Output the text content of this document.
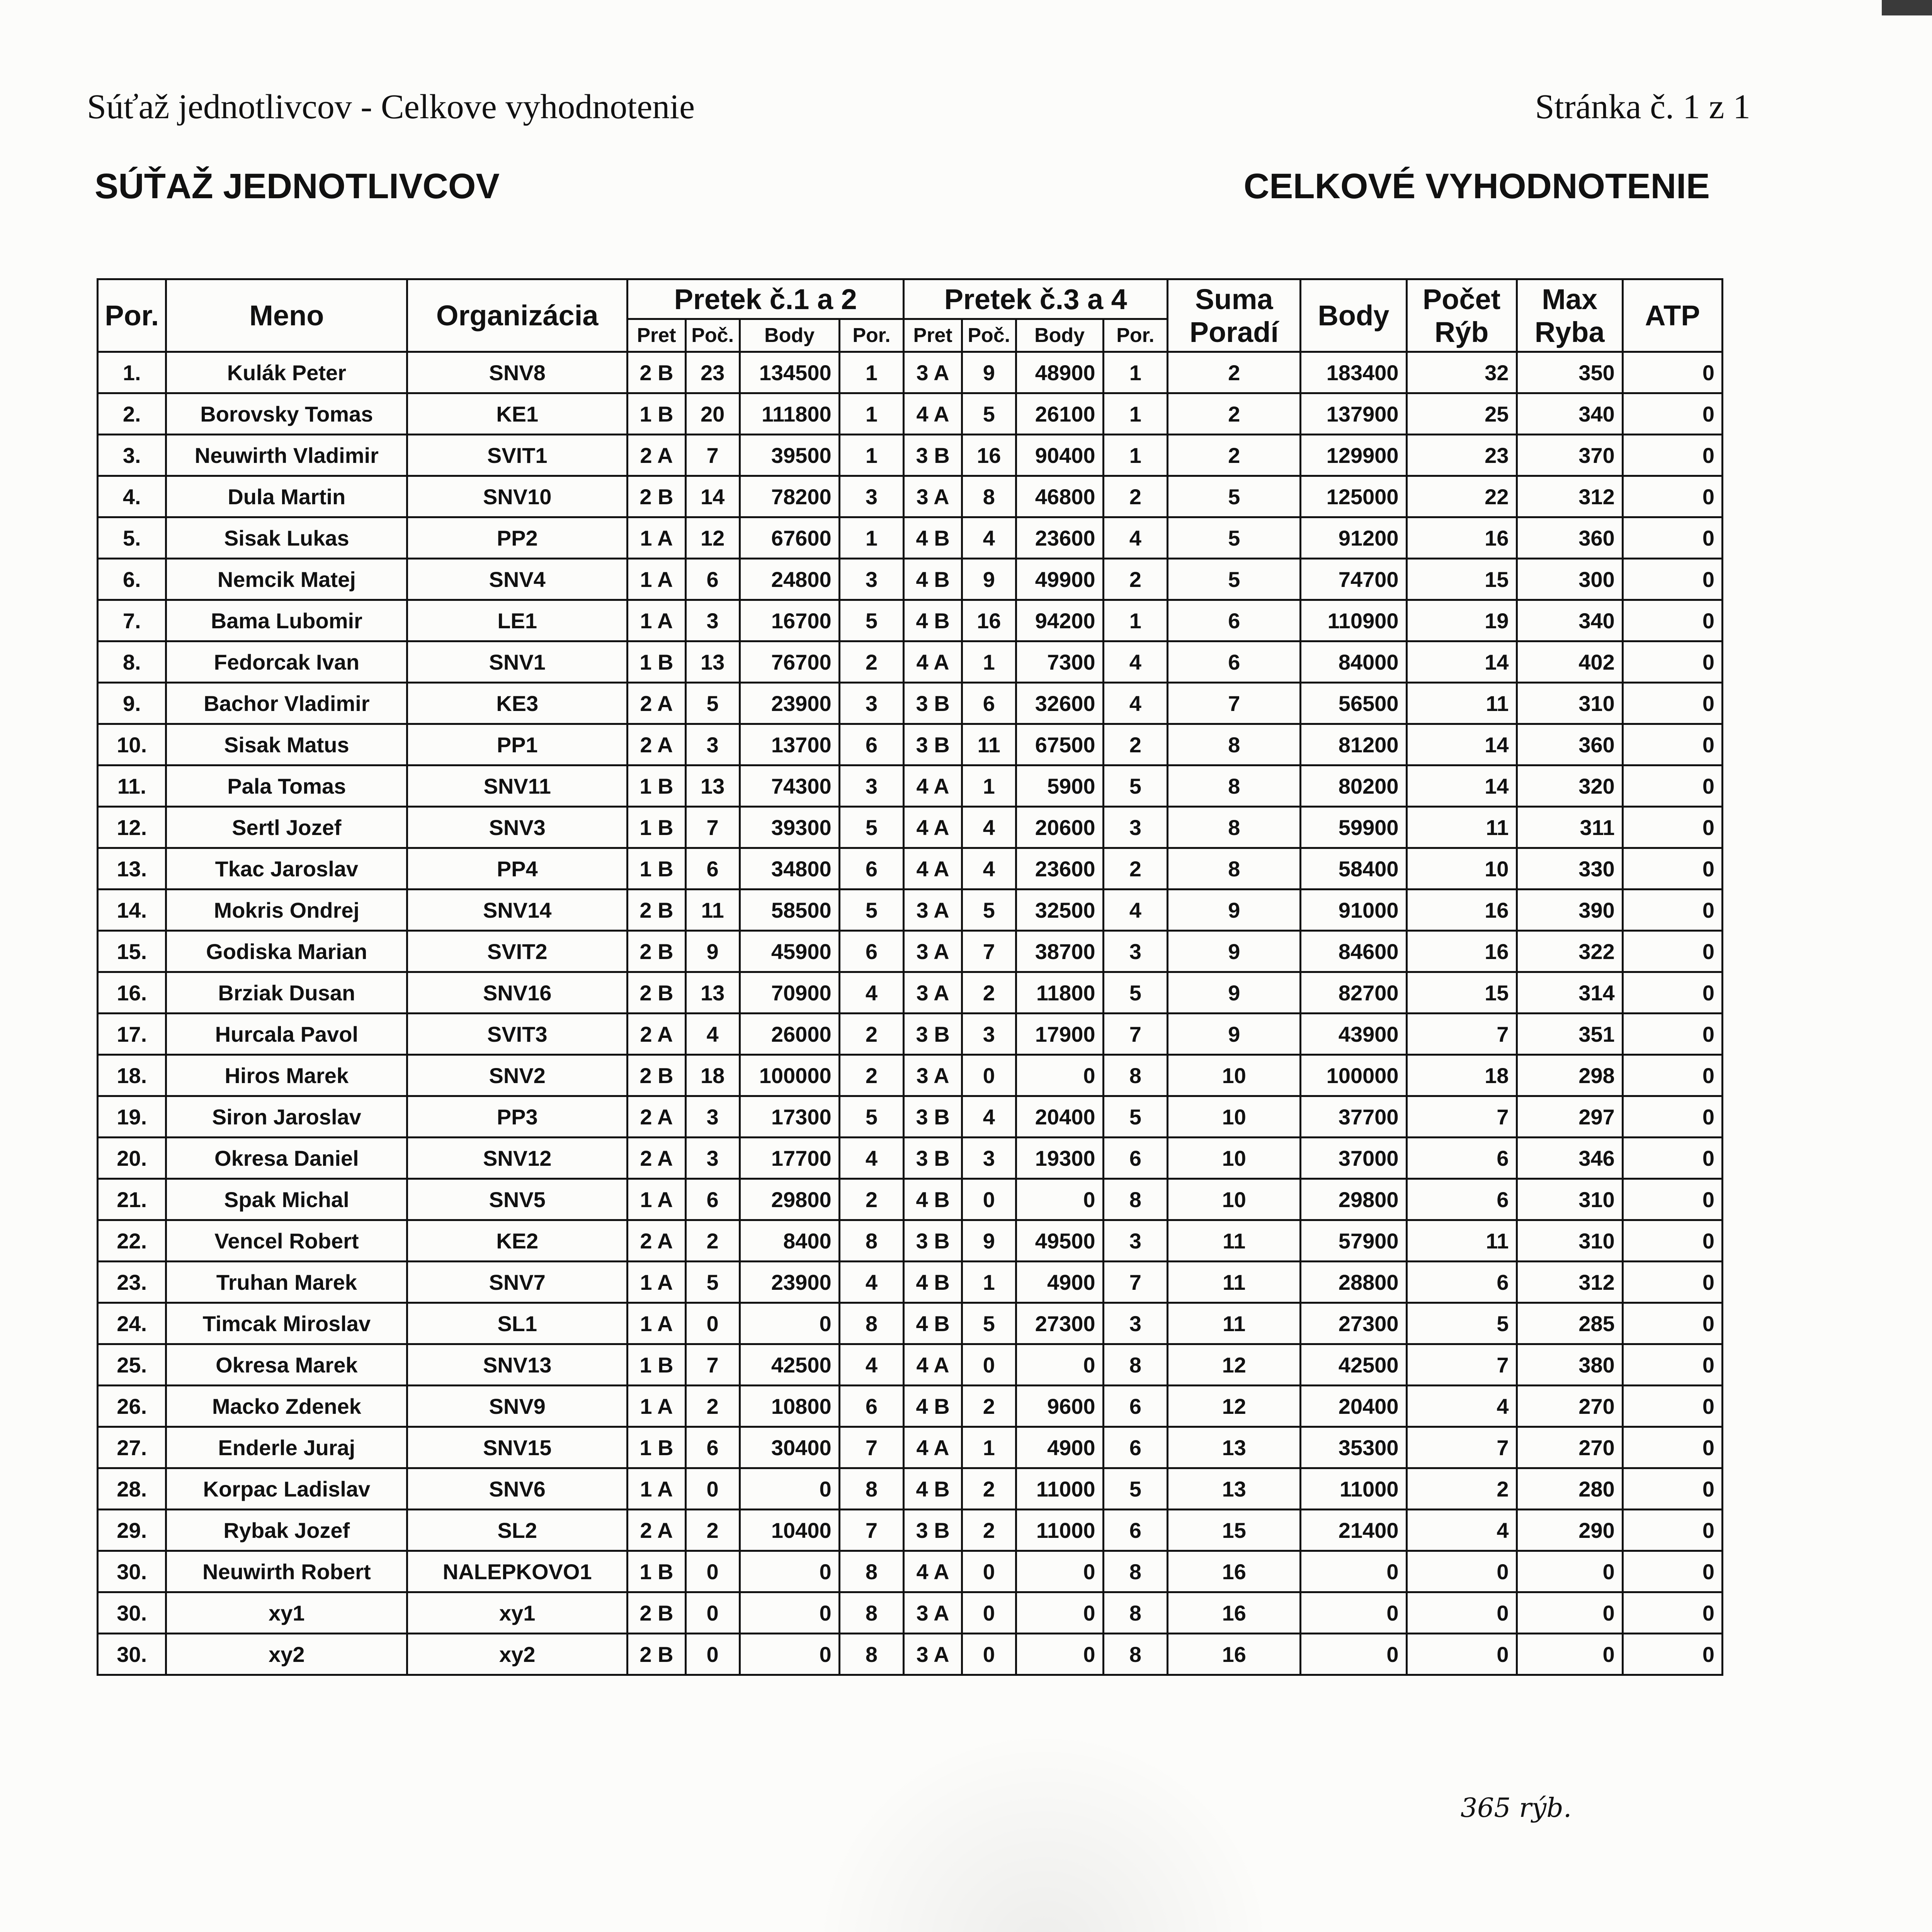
Súťaž jednotlivcov - Celkove vyhodnotenie	Stránka č. 1 z 1
SÚŤAŽ JEDNOTLIVCOV	CELKOVÉ VYHODNOTENIE
Por.	Meno	Organizácia	Pretek č.1 a 2				Pretek č.3 a 4				Suma Poradí	Body	Počet Rýb	Max Ryba	ATP
			Pret	Poč.	Body	Por.	Pret	Poč.	Body	Por.					
1.	Kulák Peter	SNV8	2 B	23	134500	1	3 A	9	48900	1	2	183400	32	350	0
2.	Borovsky Tomas	KE1	1 B	20	111800	1	4 A	5	26100	1	2	137900	25	340	0
3.	Neuwirth Vladimir	SVIT1	2 A	7	39500	1	3 B	16	90400	1	2	129900	23	370	0
4.	Dula Martin	SNV10	2 B	14	78200	3	3 A	8	46800	2	5	125000	22	312	0
5.	Sisak Lukas	PP2	1 A	12	67600	1	4 B	4	23600	4	5	91200	16	360	0
6.	Nemcik Matej	SNV4	1 A	6	24800	3	4 B	9	49900	2	5	74700	15	300	0
7.	Bama Lubomir	LE1	1 A	3	16700	5	4 B	16	94200	1	6	110900	19	340	0
8.	Fedorcak Ivan	SNV1	1 B	13	76700	2	4 A	1	7300	4	6	84000	14	402	0
9.	Bachor Vladimir	KE3	2 A	5	23900	3	3 B	6	32600	4	7	56500	11	310	0
10.	Sisak Matus	PP1	2 A	3	13700	6	3 B	11	67500	2	8	81200	14	360	0
11.	Pala Tomas	SNV11	1 B	13	74300	3	4 A	1	5900	5	8	80200	14	320	0
12.	Sertl Jozef	SNV3	1 B	7	39300	5	4 A	4	20600	3	8	59900	11	311	0
13.	Tkac Jaroslav	PP4	1 B	6	34800	6	4 A	4	23600	2	8	58400	10	330	0
14.	Mokris Ondrej	SNV14	2 B	11	58500	5	3 A	5	32500	4	9	91000	16	390	0
15.	Godiska Marian	SVIT2	2 B	9	45900	6	3 A	7	38700	3	9	84600	16	322	0
16.	Brziak Dusan	SNV16	2 B	13	70900	4	3 A	2	11800	5	9	82700	15	314	0
17.	Hurcala Pavol	SVIT3	2 A	4	26000	2	3 B	3	17900	7	9	43900	7	351	0
18.	Hiros Marek	SNV2	2 B	18	100000	2	3 A	0	0	8	10	100000	18	298	0
19.	Siron Jaroslav	PP3	2 A	3	17300	5	3 B	4	20400	5	10	37700	7	297	0
20.	Okresa Daniel	SNV12	2 A	3	17700	4	3 B	3	19300	6	10	37000	6	346	0
21.	Spak Michal	SNV5	1 A	6	29800	2	4 B	0	0	8	10	29800	6	310	0
22.	Vencel Robert	KE2	2 A	2	8400	8	3 B	9	49500	3	11	57900	11	310	0
23.	Truhan Marek	SNV7	1 A	5	23900	4	4 B	1	4900	7	11	28800	6	312	0
24.	Timcak Miroslav	SL1	1 A	0	0	8	4 B	5	27300	3	11	27300	5	285	0
25.	Okresa Marek	SNV13	1 B	7	42500	4	4 A	0	0	8	12	42500	7	380	0
26.	Macko Zdenek	SNV9	1 A	2	10800	6	4 B	2	9600	6	12	20400	4	270	0
27.	Enderle Juraj	SNV15	1 B	6	30400	7	4 A	1	4900	6	13	35300	7	270	0
28.	Korpac Ladislav	SNV6	1 A	0	0	8	4 B	2	11000	5	13	11000	2	280	0
29.	Rybak Jozef	SL2	2 A	2	10400	7	3 B	2	11000	6	15	21400	4	290	0
30.	Neuwirth Robert	NALEPKOVO1	1 B	0	0	8	4 A	0	0	8	16	0	0	0	0
30.	xy1	xy1	2 B	0	0	8	3 A	0	0	8	16	0	0	0	0
30.	xy2	xy2	2 B	0	0	8	3 A	0	0	8	16	0	0	0	0
365 rýb.
